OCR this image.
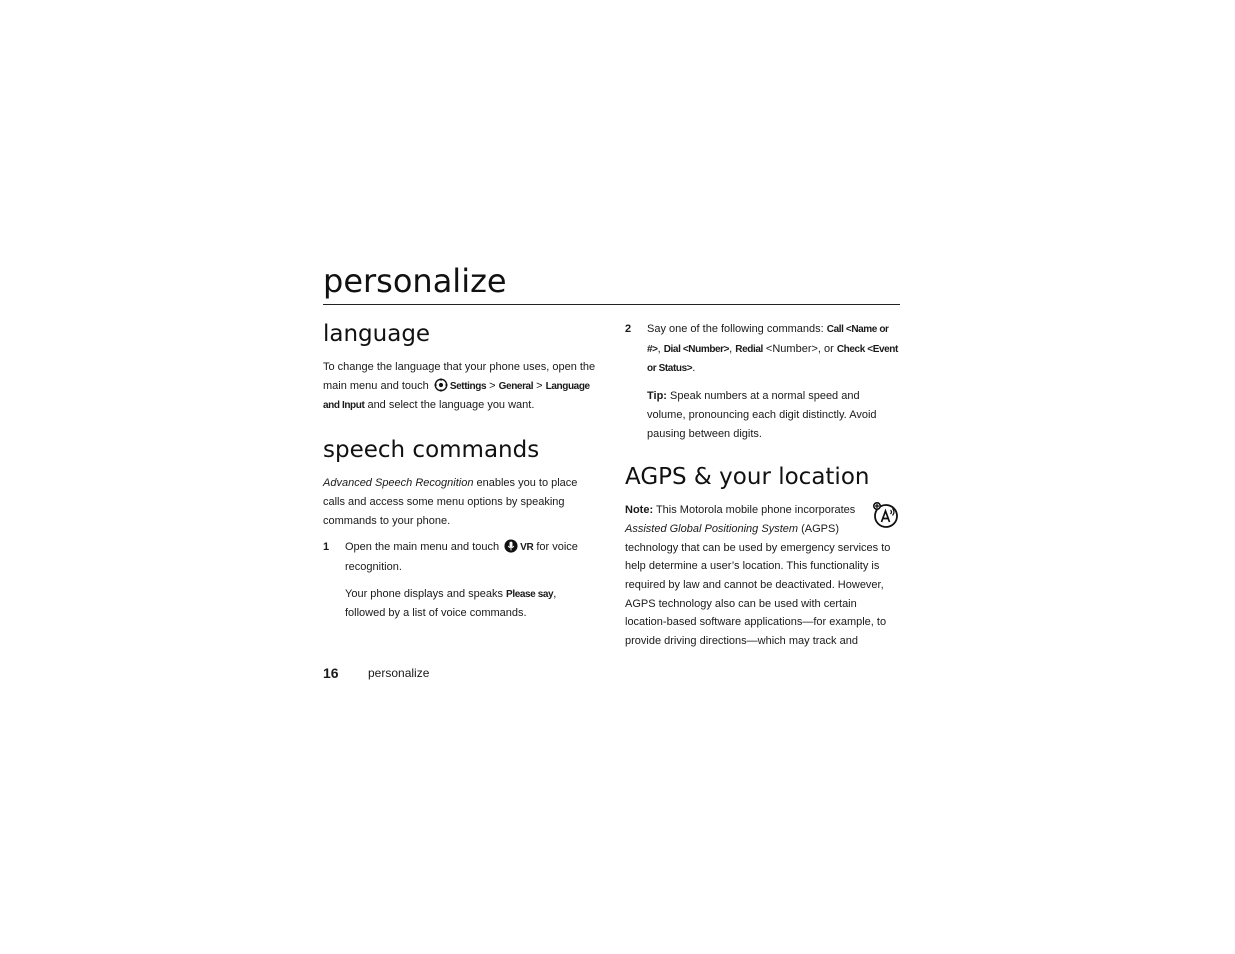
personalize
language

To change the language that your phone uses, open the main menu and touch Settings > General > Language and Input and select the language you want.

speech commands

Advanced Speech Recognition enables you to place calls and access some menu options by speaking commands to your phone.

1 Open the main menu and touch VR for voice recognition.

Your phone displays and speaks Please say, followed by a list of voice commands.

2 Say one of the following commands: Call <Name or #>, Dial <Number>, Redial <Number>, or Check <Event or Status>.

Tip: Speak numbers at a normal speed and volume, pronouncing each digit distinctly. Avoid pausing between digits.

AGPS & your location

Note: This Motorola mobile phone incorporates Assisted Global Positioning System (AGPS) technology that can be used by emergency services to help determine a user’s location. This functionality is required by law and cannot be deactivated. However, AGPS technology also can be used with certain location-based software applications—for example, to provide driving directions—which may track and

16 personalize
